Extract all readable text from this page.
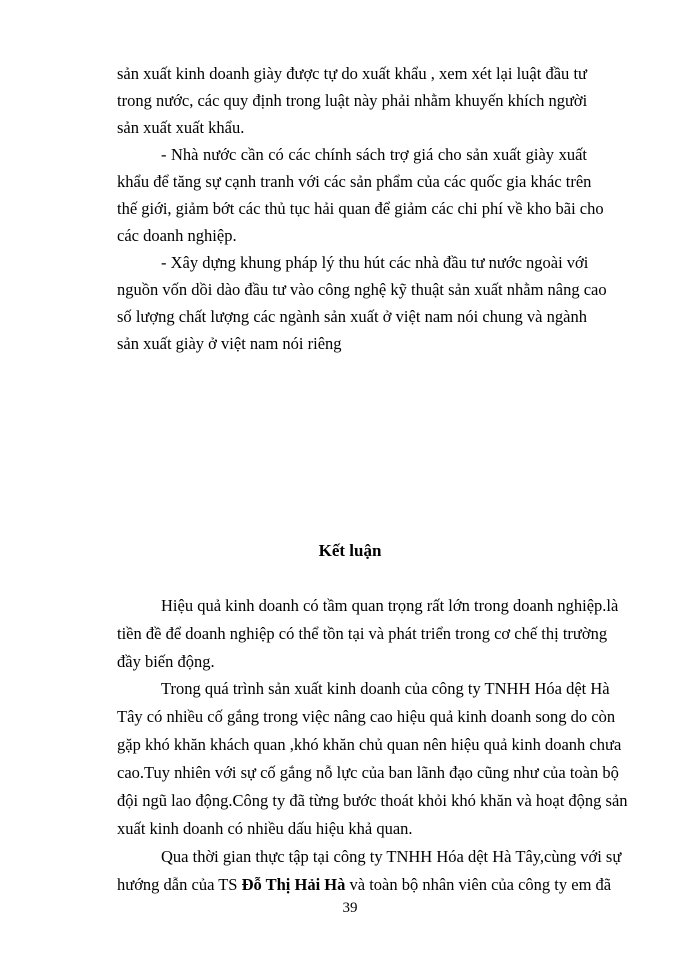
sản xuất kinh doanh giày được tự do xuất khẩu , xem xét lại luật đầu tư
trong nước, các quy định trong luật này phải nhằm khuyến khích người
sản xuất xuất khẩu.
- Nhà nước cần có các chính sách trợ giá cho sản xuất giày xuất
khẩu để tăng sự cạnh tranh với các sản phẩm của các quốc gia khác trên
thế giới, giảm bớt các thủ tục hải quan để giảm các chi phí về kho bãi cho
các doanh nghiệp.
- Xây dựng khung pháp lý thu hút các nhà đầu tư nước ngoài với
nguồn vốn dồi dào đầu tư vào công nghệ kỹ thuật sản xuất nhằm nâng cao
số lượng chất lượng các ngành sản xuất ở việt nam nói chung và ngành
sản xuất giày ở việt nam nói riêng
Kết luận
Hiệu quả kinh doanh có tầm quan trọng rất lớn trong doanh nghiệp.là
tiền đề để doanh nghiệp có thể tồn tại và phát triển trong cơ chế thị trường
đầy biến động.
Trong quá trình sản xuất kinh doanh của công ty TNHH Hóa dệt Hà
Tây có nhiều cố gắng trong việc nâng cao hiệu quả kinh doanh song do còn
gặp khó khăn khách quan ,khó khăn chủ quan nên hiệu quả kinh doanh chưa
cao.Tuy nhiên với sự cố gắng nỗ lực của ban lãnh đạo cũng như của toàn bộ
đội ngũ lao động.Công ty đã từng bước thoát khỏi khó khăn và hoạt động sản
xuất kinh doanh có nhiều dấu hiệu khả quan.
Qua thời gian thực tập tại công ty TNHH Hóa dệt Hà Tây,cùng với sự
hướng dẫn của TS Đỗ Thị Hải Hà và toàn bộ nhân viên của công ty em đã
39
